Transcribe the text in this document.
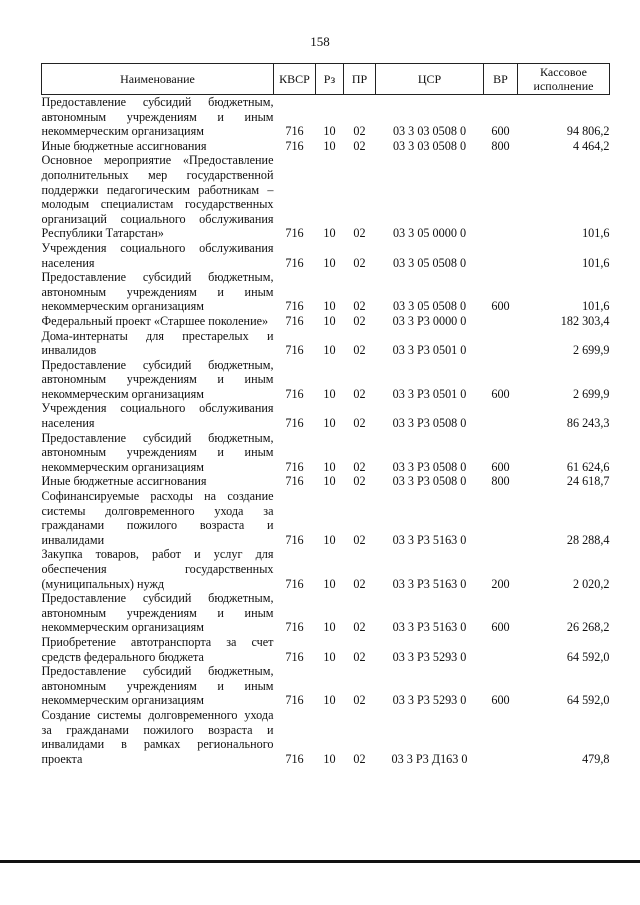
158
Наименование	КВСР	Рз	ПР	ЦСР	ВР	Кассовое исполнение
Предоставление субсидий бюджетным, автономным учреждениям и иным некоммерческим организациям	716	10	02	03 3 03 0508 0	600	94 806,2
Иные бюджетные ассигнования	716	10	02	03 3 03 0508 0	800	4 464,2
Основное мероприятие «Предоставление дополнительных мер государственной поддержки педагогическим работникам – молодым специалистам государственных организаций социального обслуживания Республики Татарстан»	716	10	02	03 3 05 0000 0		101,6
Учреждения социального обслуживания населения	716	10	02	03 3 05 0508 0		101,6
Предоставление субсидий бюджетным, автономным учреждениям и иным некоммерческим организациям	716	10	02	03 3 05 0508 0	600	101,6
Федеральный проект «Старшее поколение»	716	10	02	03 3 Р3 0000 0		182 303,4
Дома-интернаты для престарелых и инвалидов	716	10	02	03 3 Р3 0501 0		2 699,9
Предоставление субсидий бюджетным, автономным учреждениям и иным некоммерческим организациям	716	10	02	03 3 Р3 0501 0	600	2 699,9
Учреждения социального обслуживания населения	716	10	02	03 3 Р3 0508 0		86 243,3
Предоставление субсидий бюджетным, автономным учреждениям и иным некоммерческим организациям	716	10	02	03 3 Р3 0508 0	600	61 624,6
Иные бюджетные ассигнования	716	10	02	03 3 Р3 0508 0	800	24 618,7
Софинансируемые расходы на создание системы долговременного ухода за гражданами пожилого возраста и инвалидами	716	10	02	03 3 Р3 5163 0		28 288,4
Закупка товаров, работ и услуг для обеспечения государственных (муниципальных) нужд	716	10	02	03 3 Р3 5163 0	200	2 020,2
Предоставление субсидий бюджетным, автономным учреждениям и иным некоммерческим организациям	716	10	02	03 3 Р3 5163 0	600	26 268,2
Приобретение автотранспорта за счет средств федерального бюджета	716	10	02	03 3 Р3 5293 0		64 592,0
Предоставление субсидий бюджетным, автономным учреждениям и иным некоммерческим организациям	716	10	02	03 3 Р3 5293 0	600	64 592,0
Создание системы долговременного ухода за гражданами пожилого возраста и инвалидами в рамках регионального проекта	716	10	02	03 3 Р3 Д163 0		479,8
